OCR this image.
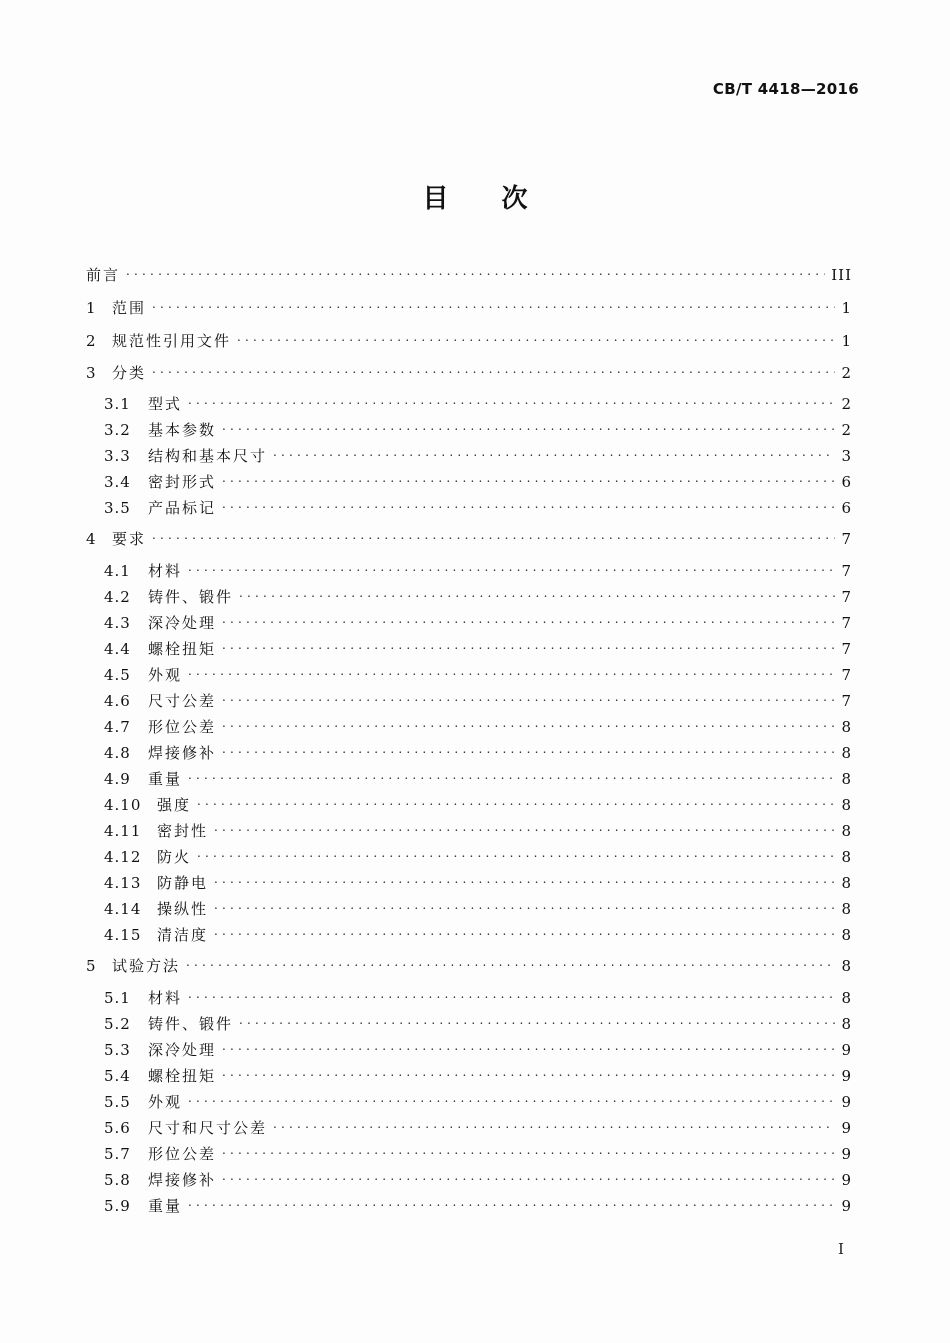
CB/T 4418—2016
目 次
前言 .....	III
1	范围 .....	1
2	规范性引用文件 .....	1
3	分类 .....	2
3.1	型式 .....	2
3.2	基本参数 .....	2
3.3	结构和基本尺寸 .....	3
3.4	密封形式 .....	6
3.5	产品标记 .....	6
4	要求 .....	7
4.1	材料 .....	7
4.2	铸件、锻件 .....	7
4.3	深冷处理 .....	7
4.4	螺栓扭矩 .....	7
4.5	外观 .....	7
4.6	尺寸公差 .....	7
4.7	形位公差 .....	8
4.8	焊接修补 .....	8
4.9	重量 .....	8
4.10	强度 .....	8
4.11	密封性 .....	8
4.12	防火 .....	8
4.13	防静电 .....	8
4.14	操纵性 .....	8
4.15	清洁度 .....	8
5	试验方法 .....	8
5.1	材料 .....	8
5.2	铸件、锻件 .....	8
5.3	深冷处理 .....	9
5.4	螺栓扭矩 .....	9
5.5	外观 .....	9
5.6	尺寸和尺寸公差 .....	9
5.7	形位公差 .....	9
5.8	焊接修补 .....	9
5.9	重量 .....	9
I
